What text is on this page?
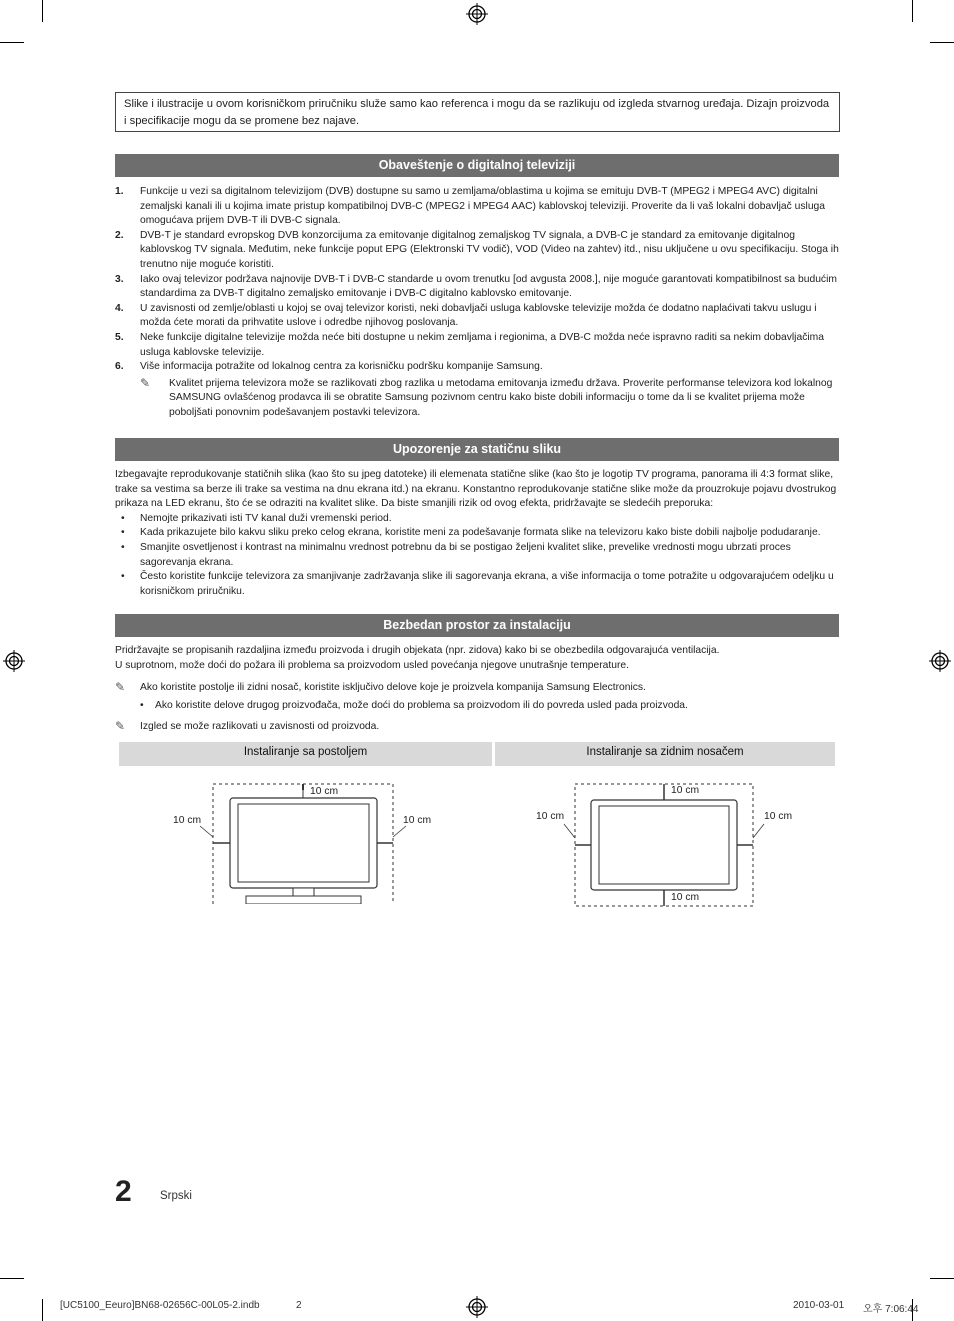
Slike i ilustracije u ovom korisničkom priručniku služe samo kao referenca i mogu da se razlikuju od izgleda stvarnog uređaja. Dizajn proizvoda i specifikacije mogu da se promene bez najave.
Obaveštenje o digitalnoj televiziji
1. Funkcije u vezi sa digitalnom televizijom (DVB) dostupne su samo u zemljama/oblastima u kojima se emituju DVB-T (MPEG2 i MPEG4 AVC) digitalni zemaljski kanali ili u kojima imate pristup kompatibilnoj DVB-C (MPEG2 i MPEG4 AAC) kablovskoj televiziji. Proverite da li vaš lokalni dobavljač usluga omogućava prijem DVB-T ili DVB-C signala.
2. DVB-T je standard evropskog DVB konzorcijuma za emitovanje digitalnog zemaljskog TV signala, a DVB-C je standard za emitovanje digitalnog kablovskog TV signala. Međutim, neke funkcije poput EPG (Elektronski TV vodič), VOD (Video na zahtev) itd., nisu uključene u ovu specifikaciju. Stoga ih trenutno nije moguće koristiti.
3. Iako ovaj televizor podržava najnovije DVB-T i DVB-C standarde u ovom trenutku [od avgusta 2008.], nije moguće garantovati kompatibilnost sa budućim standardima za DVB-T digitalno zemaljsko emitovanje i DVB-C digitalno kablovsko emitovanje.
4. U zavisnosti od zemlje/oblasti u kojoj se ovaj televizor koristi, neki dobavljači usluga kablovske televizije možda će dodatno naplaćivati takvu uslugu i možda ćete morati da prihvatite uslove i odredbe njihovog poslovanja.
5. Neke funkcije digitalne televizije možda neće biti dostupne u nekim zemljama i regionima, a DVB-C možda neće ispravno raditi sa nekim dobavljačima usluga kablovske televizije.
6. Više informacija potražite od lokalnog centra za korisničku podršku kompanije Samsung.
✎ Kvalitet prijema televizora može se razlikovati zbog razlika u metodama emitovanja između država. Proverite performanse televizora kod lokalnog SAMSUNG ovlašćenog prodavca ili se obratite Samsung pozivnom centru kako biste dobili informaciju o tome da li se kvalitet prijema može poboljšati ponovnim podešavanjem postavki televizora.
Upozorenje za statičnu sliku
Izbegavajte reprodukovanje statičnih slika (kao što su jpeg datoteke) ili elemenata statične slike (kao što je logotip TV programa, panorama ili 4:3 format slike, trake sa vestima sa berze ili trake sa vestima na dnu ekrana itd.) na ekranu. Konstantno reprodukovanje statične slike može da prouzrokuje pojavu dvostrukog prikaza na LED ekranu, što će se odraziti na kvalitet slike. Da biste smanjili rizik od ovog efekta, pridržavajte se sledećih preporuka:
• Nemojte prikazivati isti TV kanal duži vremenski period.
• Kada prikazujete bilo kakvu sliku preko celog ekrana, koristite meni za podešavanje formata slike na televizoru kako biste dobili najbolje podudaranje.
• Smanjite osvetljenost i kontrast na minimalnu vrednost potrebnu da bi se postigao željeni kvalitet slike, prevelike vrednosti mogu ubrzati proces sagorevanja ekrana.
• Često koristite funkcije televizora za smanjivanje zadržavanja slike ili sagorevanja ekrana, a više informacija o tome potražite u odgovarajućem odeljku u korisničkom priručniku.
Bezbedan prostor za instalaciju
Pridržavajte se propisanih razdaljina između proizvoda i drugih objekata (npr. zidova) kako bi se obezbedila odgovarajuća ventilacija.
U suprotnom, može doći do požara ili problema sa proizvodom usled povećanja njegove unutrašnje temperature.
✎ Ako koristite postolje ili zidni nosač, koristite isključivo delove koje je proizvela kompanija Samsung Electronics.
• Ako koristite delove drugog proizvođača, može doći do problema sa proizvodom ili do povreda usled pada proizvoda.
✎ Izgled se može razlikovati u zavisnosti od proizvoda.
Instaliranje sa postoljem	Instaliranje sa zidnim nosačem
10 cm
10 cm	10 cm
10 cm
10 cm
10 cm	10 cm
2 Srpski
[UC5100_Eeuro]BN68-02656C-00L05-2.indb	2	2010-03-01 오후 7:06:44
